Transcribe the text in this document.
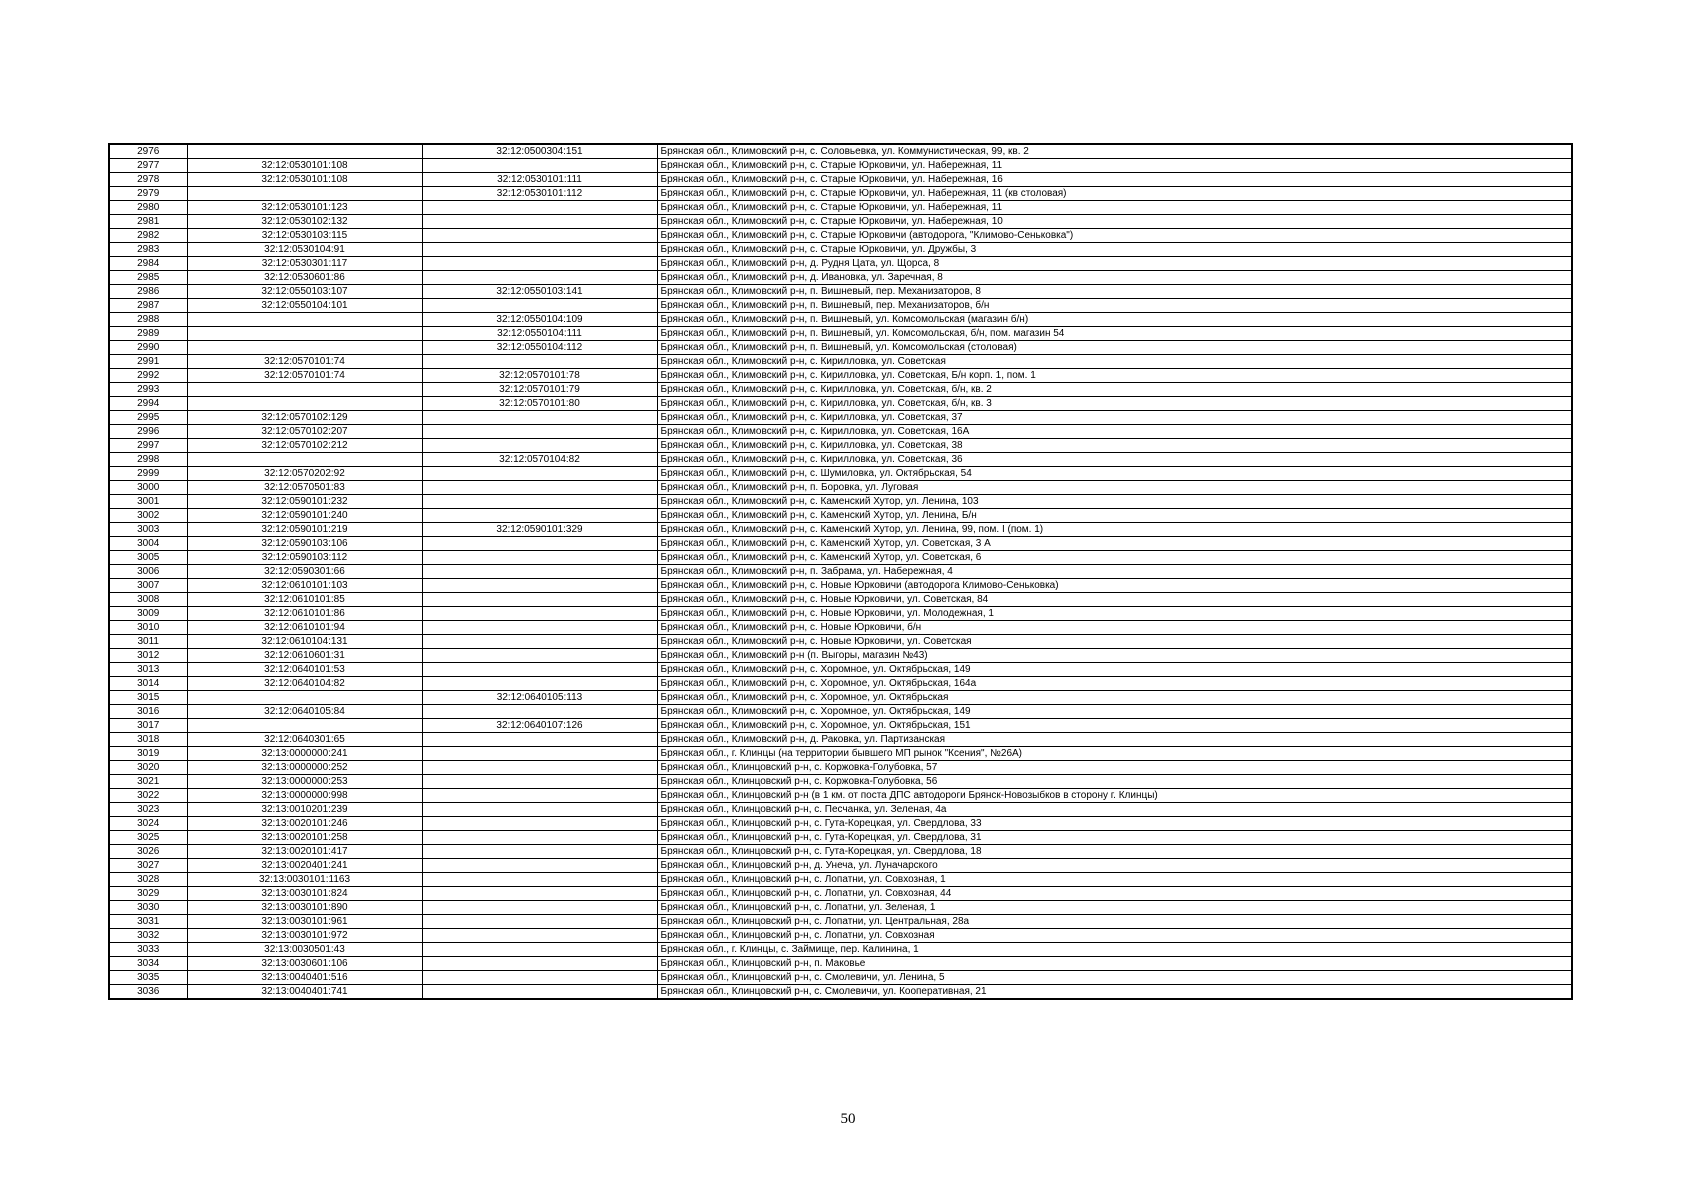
2976		32:12:0500304:151	Брянская обл., Климовский р-н, с. Соловьевка, ул. Коммунистическая, 99, кв. 2
2977	32:12:0530101:108		Брянская обл., Климовский р-н, с. Старые Юрковичи, ул. Набережная, 11
2978	32:12:0530101:108	32:12:0530101:111	Брянская обл., Климовский р-н, с. Старые Юрковичи, ул. Набережная, 16
2979		32:12:0530101:112	Брянская обл., Климовский р-н, с. Старые Юрковичи, ул. Набережная, 11 (кв столовая)
2980	32:12:0530101:123		Брянская обл., Климовский р-н, с. Старые Юрковичи, ул. Набережная, 11
2981	32:12:0530102:132		Брянская обл., Климовский р-н, с. Старые Юрковичи, ул. Набережная, 10
2982	32:12:0530103:115		Брянская обл., Климовский р-н, с. Старые Юрковичи (автодорога, "Климово-Сеньковка")
2983	32:12:0530104:91		Брянская обл., Климовский р-н, с. Старые Юрковичи, ул. Дружбы, 3
2984	32:12:0530301:117		Брянская обл., Климовский р-н, д. Рудня Цата, ул. Щорса, 8
2985	32:12:0530601:86		Брянская обл., Климовский р-н, д. Ивановка, ул. Заречная, 8
2986	32:12:0550103:107	32:12:0550103:141	Брянская обл., Климовский р-н, п. Вишневый, пер. Механизаторов, 8
2987	32:12:0550104:101		Брянская обл., Климовский р-н, п. Вишневый, пер. Механизаторов, б/н
2988		32:12:0550104:109	Брянская обл., Климовский р-н, п. Вишневый, ул. Комсомольская (магазин б/н)
2989		32:12:0550104:111	Брянская обл., Климовский р-н, п. Вишневый, ул. Комсомольская, б/н, пом. магазин 54
2990		32:12:0550104:112	Брянская обл., Климовский р-н, п. Вишневый, ул. Комсомольская (столовая)
2991	32:12:0570101:74		Брянская обл., Климовский р-н, с. Кирилловка, ул. Советская
2992	32:12:0570101:74	32:12:0570101:78	Брянская обл., Климовский р-н, с. Кирилловка, ул. Советская, Б/н корп. 1, пом. 1
2993		32:12:0570101:79	Брянская обл., Климовский р-н, с. Кирилловка, ул. Советская, б/н, кв. 2
2994		32:12:0570101:80	Брянская обл., Климовский р-н, с. Кирилловка, ул. Советская, б/н, кв. 3
2995	32:12:0570102:129		Брянская обл., Климовский р-н, с. Кирилловка, ул. Советская, 37
2996	32:12:0570102:207		Брянская обл., Климовский р-н, с. Кирилловка, ул. Советская, 16А
2997	32:12:0570102:212		Брянская обл., Климовский р-н, с. Кирилловка, ул. Советская, 38
2998		32:12:0570104:82	Брянская обл., Климовский р-н, с. Кирилловка, ул. Советская, 36
2999	32:12:0570202:92		Брянская обл., Климовский р-н, с. Шумиловка, ул. Октябрьская, 54
3000	32:12:0570501:83		Брянская обл., Климовский р-н, п. Боровка, ул. Луговая
3001	32:12:0590101:232		Брянская обл., Климовский р-н, с. Каменский Хутор, ул. Ленина, 103
3002	32:12:0590101:240		Брянская обл., Климовский р-н, с. Каменский Хутор, ул. Ленина, Б/н
3003	32:12:0590101:219	32:12:0590101:329	Брянская обл., Климовский р-н, с. Каменский Хутор, ул. Ленина, 99, пом. I (пом. 1)
3004	32:12:0590103:106		Брянская обл., Климовский р-н, с. Каменский Хутор, ул. Советская, 3 А
3005	32:12:0590103:112		Брянская обл., Климовский р-н, с. Каменский Хутор, ул. Советская, 6
3006	32:12:0590301:66		Брянская обл., Климовский р-н, п. Забрама, ул. Набережная, 4
3007	32:12:0610101:103		Брянская обл., Климовский р-н, с. Новые Юрковичи (автодорога Климово-Сеньковка)
3008	32:12:0610101:85		Брянская обл., Климовский р-н, с. Новые Юрковичи, ул. Советская, 84
3009	32:12:0610101:86		Брянская обл., Климовский р-н, с. Новые Юрковичи, ул. Молодежная, 1
3010	32:12:0610101:94		Брянская обл., Климовский р-н, с. Новые Юрковичи, б/н
3011	32:12:0610104:131		Брянская обл., Климовский р-н, с. Новые Юрковичи, ул. Советская
3012	32:12:0610601:31		Брянская обл., Климовский р-н (п. Выгоры, магазин №43)
3013	32:12:0640101:53		Брянская обл., Климовский р-н, с. Хоромное, ул. Октябрьская, 149
3014	32:12:0640104:82		Брянская обл., Климовский р-н, с. Хоромное, ул. Октябрьская, 164а
3015		32:12:0640105:113	Брянская обл., Климовский р-н, с. Хоромное, ул. Октябрьская
3016	32:12:0640105:84		Брянская обл., Климовский р-н, с. Хоромное, ул. Октябрьская, 149
3017		32:12:0640107:126	Брянская обл., Климовский р-н, с. Хоромное, ул. Октябрьская, 151
3018	32:12:0640301:65		Брянская обл., Климовский р-н, д. Раковка, ул. Партизанская
3019	32:13:0000000:241		Брянская обл., г. Клинцы (на территории бывшего МП рынок "Ксения", №26А)
3020	32:13:0000000:252		Брянская обл., Клинцовский р-н, с. Коржовка-Голубовка, 57
3021	32:13:0000000:253		Брянская обл., Клинцовский р-н, с. Коржовка-Голубовка, 56
3022	32:13:0000000:998		Брянская обл., Клинцовский р-н (в 1 км. от поста ДПС автодороги Брянск-Новозыбков в сторону г. Клинцы)
3023	32:13:0010201:239		Брянская обл., Клинцовский р-н, с. Песчанка, ул. Зеленая, 4а
3024	32:13:0020101:246		Брянская обл., Клинцовский р-н, с. Гута-Корецкая, ул. Свердлова, 33
3025	32:13:0020101:258		Брянская обл., Клинцовский р-н, с. Гута-Корецкая, ул. Свердлова, 31
3026	32:13:0020101:417		Брянская обл., Клинцовский р-н, с. Гута-Корецкая, ул. Свердлова, 18
3027	32:13:0020401:241		Брянская обл., Клинцовский р-н, д. Унеча, ул. Луначарского
3028	32:13:0030101:1163		Брянская обл., Клинцовский р-н, с. Лопатни, ул. Совхозная, 1
3029	32:13:0030101:824		Брянская обл., Клинцовский р-н, с. Лопатни, ул. Совхозная, 44
3030	32:13:0030101:890		Брянская обл., Клинцовский р-н, с. Лопатни, ул. Зеленая, 1
3031	32:13:0030101:961		Брянская обл., Клинцовский р-н, с. Лопатни, ул. Центральная, 28а
3032	32:13:0030101:972		Брянская обл., Клинцовский р-н, с. Лопатни, ул. Совхозная
3033	32:13:0030501:43		Брянская обл., г. Клинцы, с. Займище, пер. Калинина, 1
3034	32:13:0030601:106		Брянская обл., Клинцовский р-н, п. Маковье
3035	32:13:0040401:516		Брянская обл., Клинцовский р-н, с. Смолевичи, ул. Ленина, 5
3036	32:13:0040401:741		Брянская обл., Клинцовский р-н, с. Смолевичи, ул. Кооперативная, 21
50
